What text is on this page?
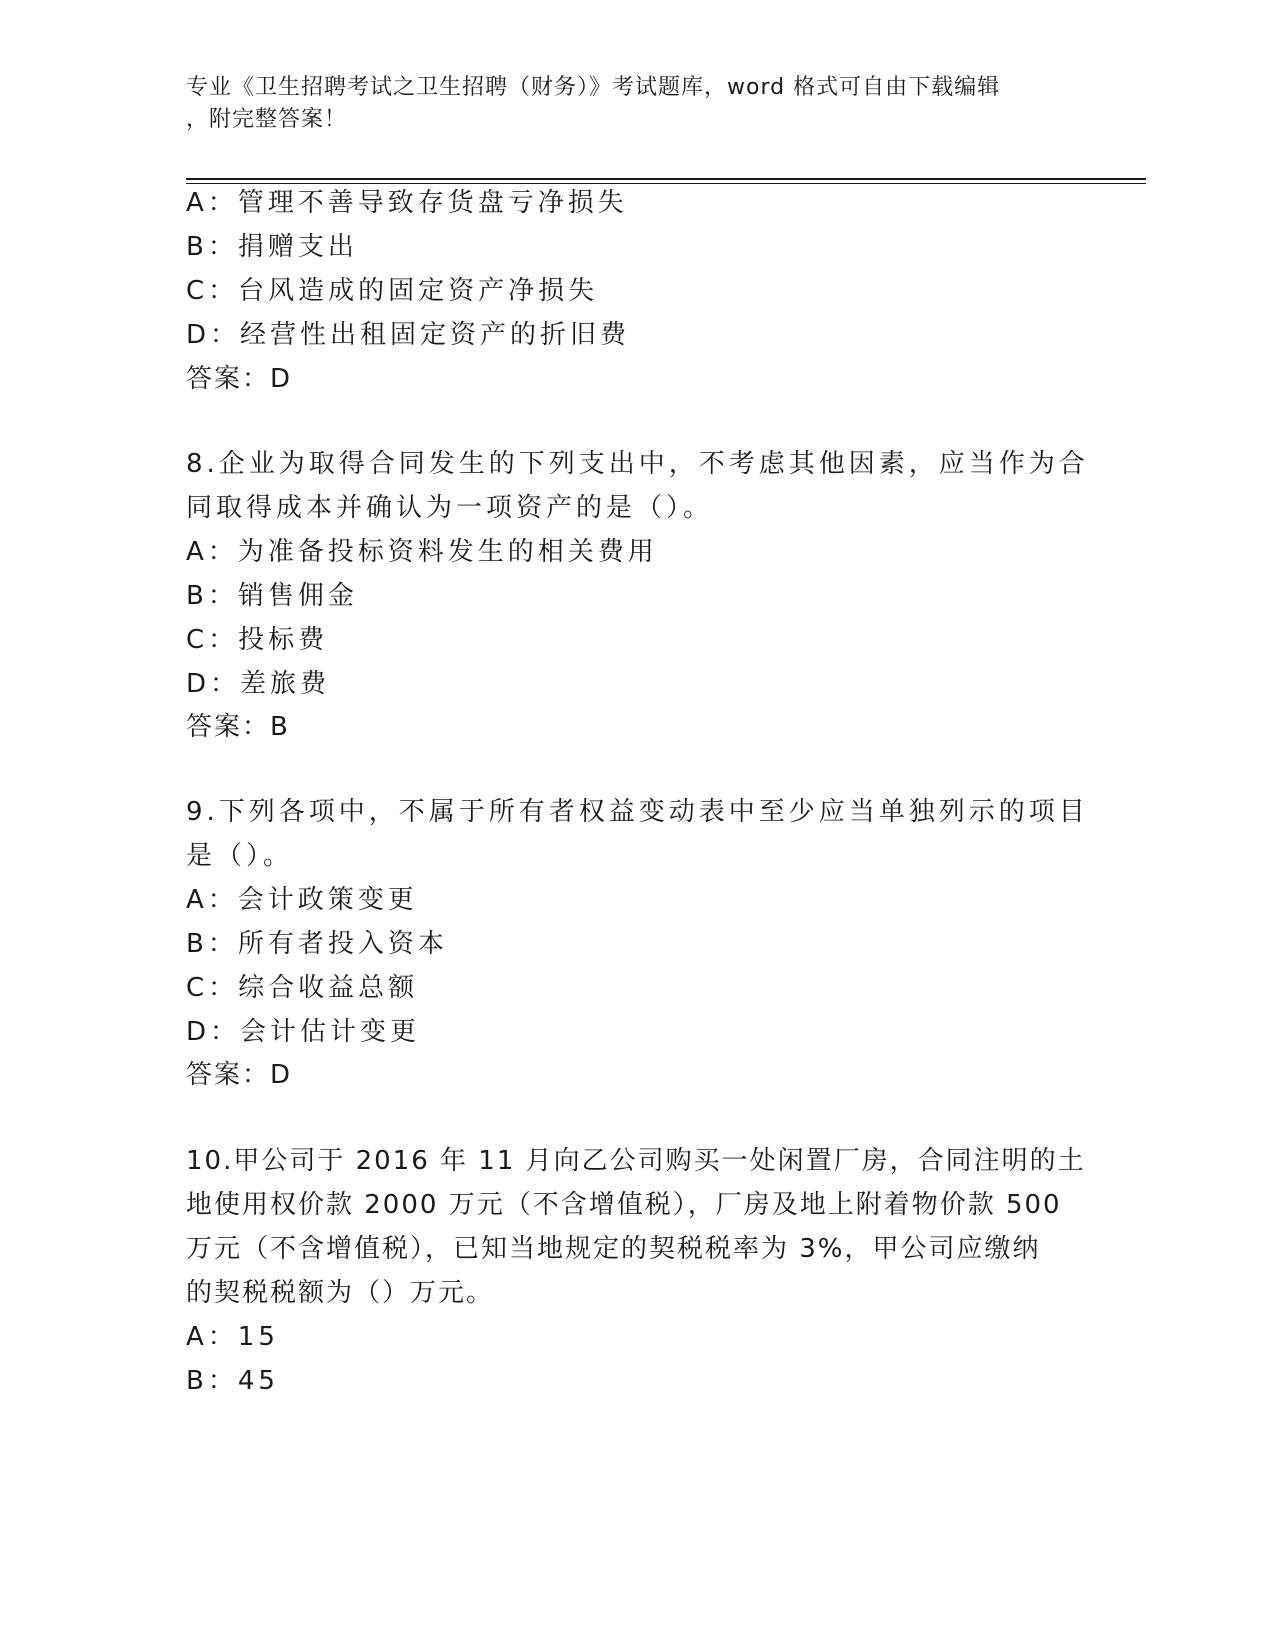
专业《卫生招聘考试之卫生招聘（财务）》考试题库，word 格式可自由下载编辑
，附完整答案！
A：管理不善导致存货盘亏净损失
B：捐赠支出
C：台风造成的固定资产净损失
D：经营性出租固定资产的折旧费
答案：D
8.企业为取得合同发生的下列支出中，不考虑其他因素，应当作为合
同取得成本并确认为一项资产的是（）。
A：为准备投标资料发生的相关费用
B：销售佣金
C：投标费
D：差旅费
答案：B
9.下列各项中，不属于所有者权益变动表中至少应当单独列示的项目
是（）。
A：会计政策变更
B：所有者投入资本
C：综合收益总额
D：会计估计变更
答案：D
10.甲公司于 2016 年 11 月向乙公司购买一处闲置厂房，合同注明的土
地使用权价款 2000 万元（不含增值税），厂房及地上附着物价款 500
万元（不含增值税），已知当地规定的契税税率为 3%，甲公司应缴纳
的契税税额为（）万元。
A：15
B：45
